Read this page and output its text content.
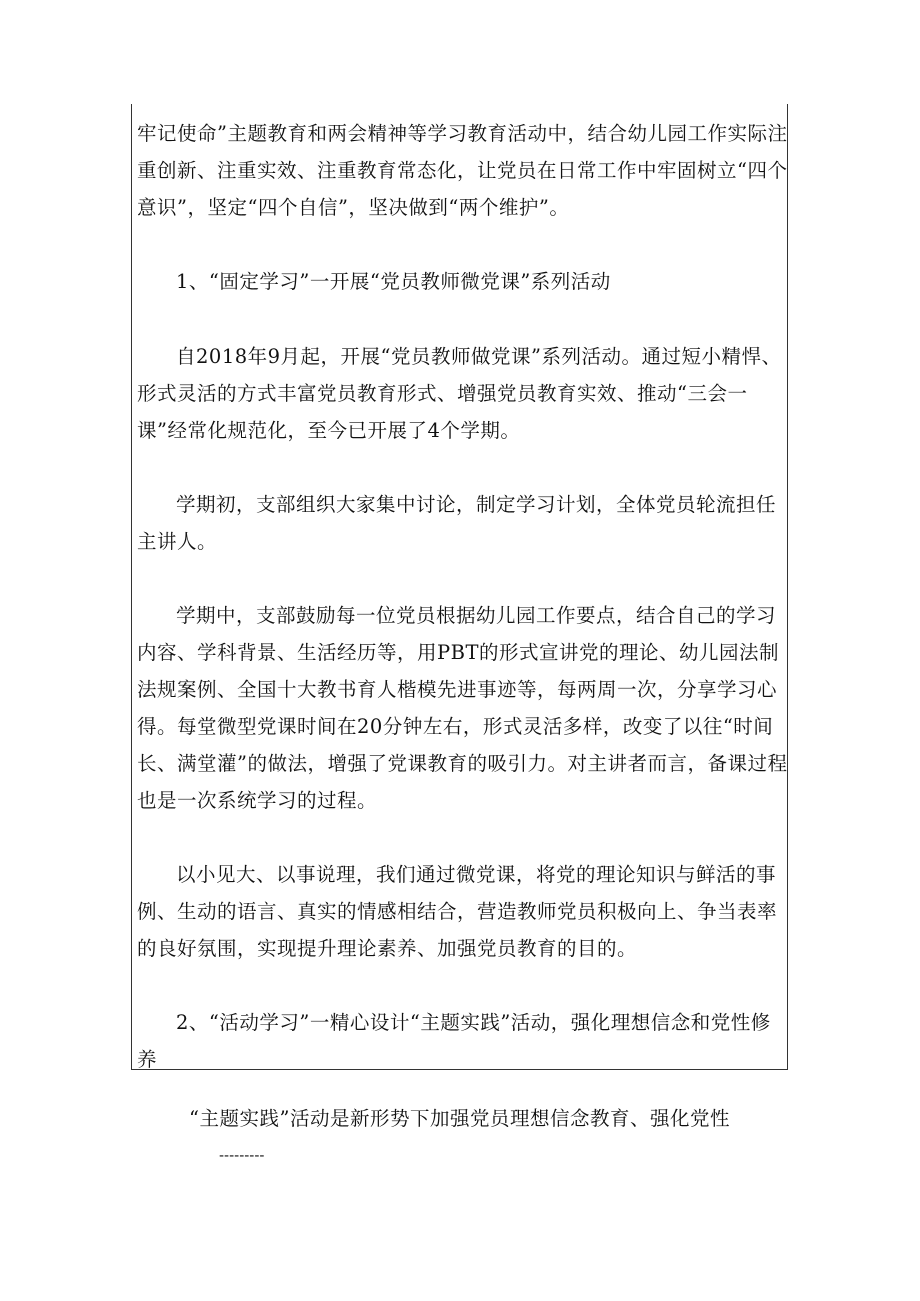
牢记使命”主题教育和两会精神等学习教育活动中，结合幼儿园工作实际注重创新、注重实效、注重教育常态化，让党员在日常工作中牢固树立“四个意识”，坚定“四个自信”，坚决做到“两个维护”。

1、“固定学习”一开展“党员教师微党课”系列活动

自2018年9月起，开展“党员教师做党课”系列活动。通过短小精悍、形式灵活的方式丰富党员教育形式、增强党员教育实效、推动“三会一课”经常化规范化，至今已开展了4个学期。

学期初，支部组织大家集中讨论，制定学习计划，全体党员轮流担任主讲人。

学期中，支部鼓励每一位党员根据幼儿园工作要点，结合自己的学习内容、学科背景、生活经历等，用PBT的形式宣讲党的理论、幼儿园法制法规案例、全国十大教书育人楷模先进事迹等，每两周一次，分享学习心得。每堂微型党课时间在20分钟左右，形式灵活多样，改变了以往“时间长、满堂灌”的做法，增强了党课教育的吸引力。对主讲者而言，备课过程也是一次系统学习的过程。

以小见大、以事说理，我们通过微党课，将党的理论知识与鲜活的事例、生动的语言、真实的情感相结合，营造教师党员积极向上、争当表率的良好氛围，实现提升理论素养、加强党员教育的目的。

2、“活动学习”一精心设计“主题实践”活动，强化理想信念和党性修养

“主题实践”活动是新形势下加强党员理想信念教育、强化党性

---------
